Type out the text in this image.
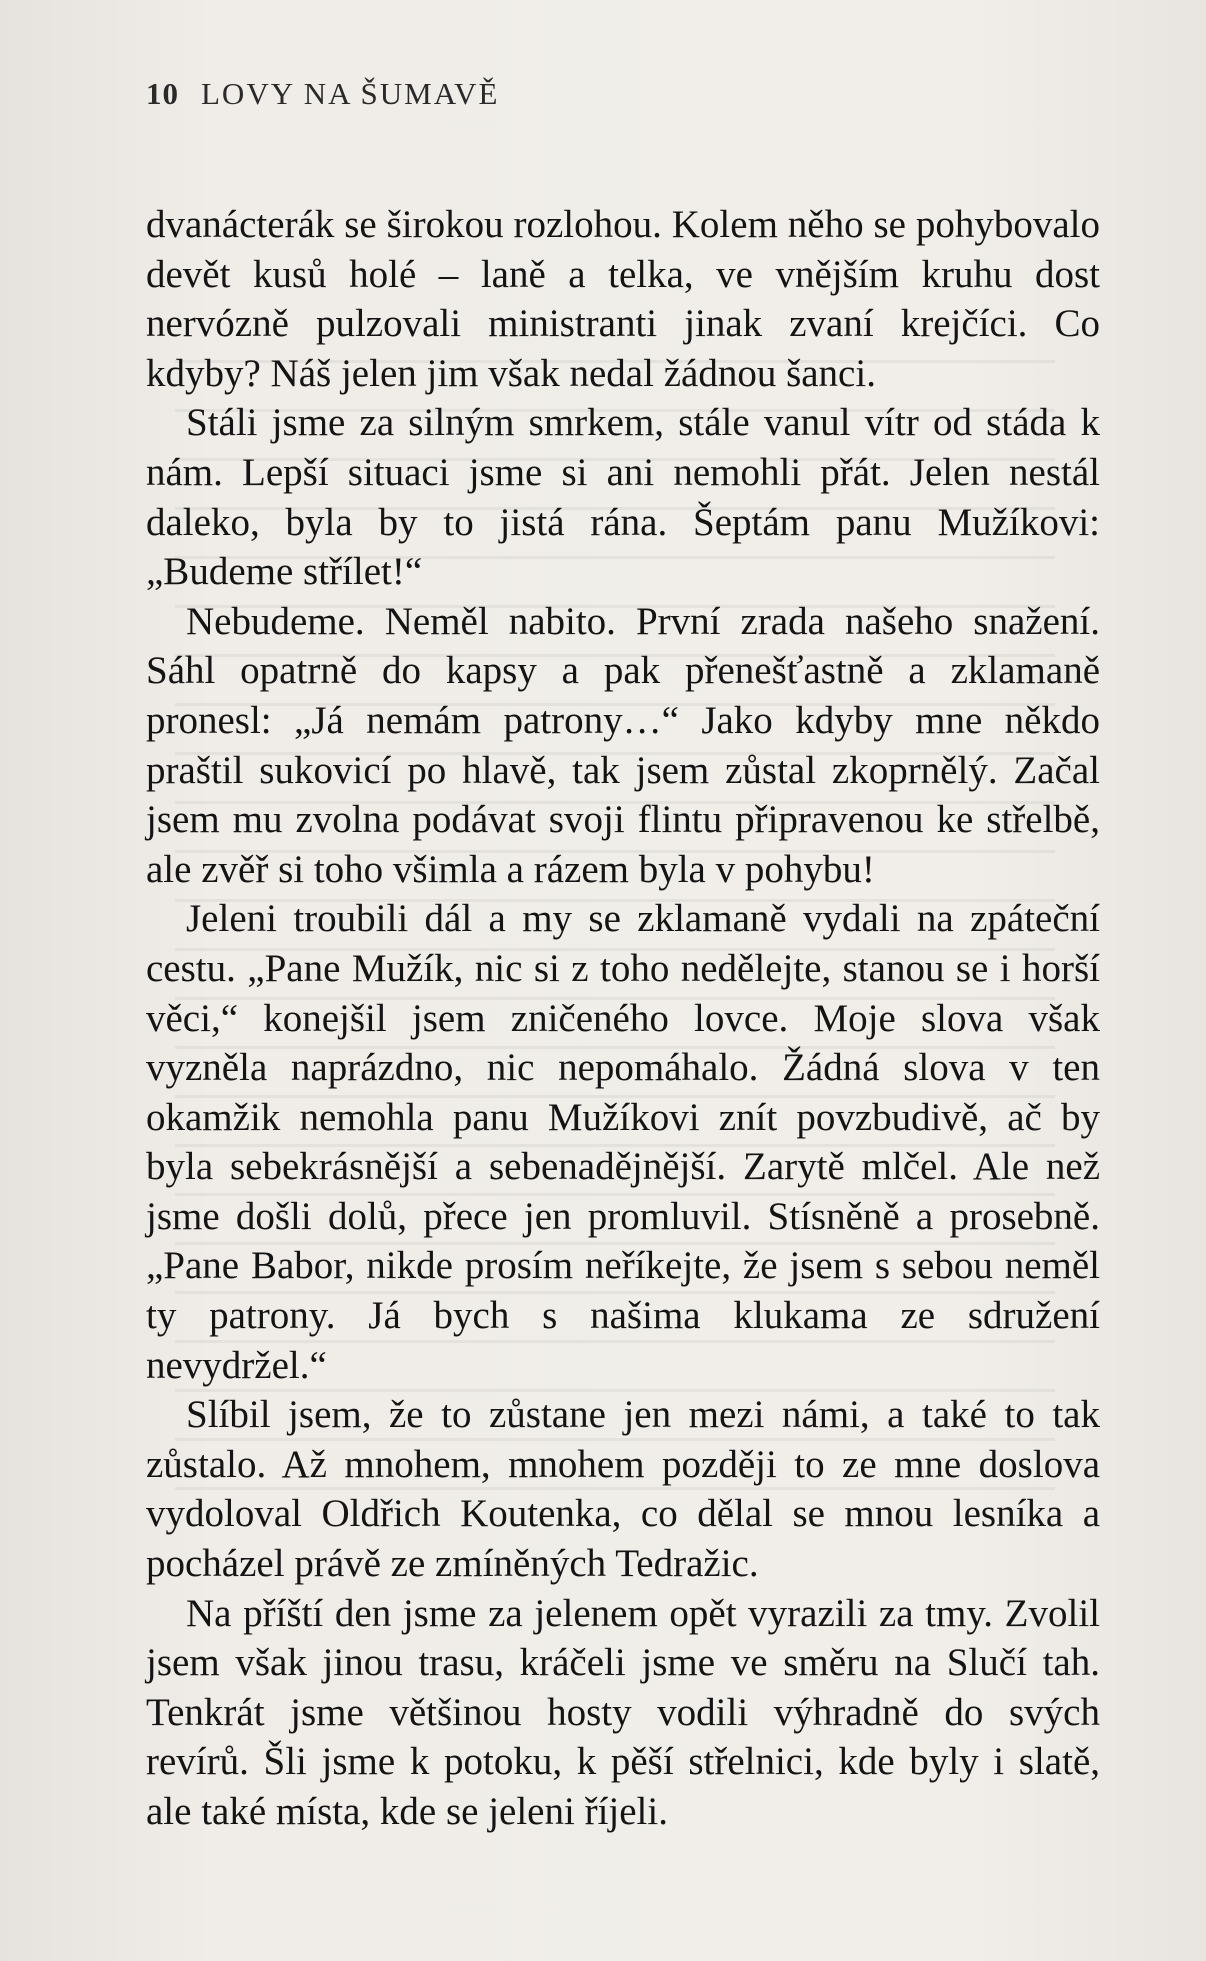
10 LOVY NA ŠUMAVĚ

dvanácterák se širokou rozlohou. Kolem něho se pohybovalo devět kusů holé – laně a telka, ve vnějším kruhu dost nervózně pulzovali ministranti jinak zvaní krejčíci. Co kdyby? Náš jelen jim však nedal žádnou šanci.

Stáli jsme za silným smrkem, stále vanul vítr od stáda k nám. Lepší situaci jsme si ani nemohli přát. Jelen nestál daleko, byla by to jistá rána. Šeptám panu Mužíkovi: „Budeme střílet!“

Nebudeme. Neměl nabito. První zrada našeho snažení. Sáhl opatrně do kapsy a pak přenešťastně a zklamaně pronesl: „Já nemám patrony…“ Jako kdyby mne někdo praštil sukovicí po hlavě, tak jsem zůstal zkoprnělý. Začal jsem mu zvolna podávat svoji flintu připravenou ke střelbě, ale zvěř si toho všimla a rázem byla v pohybu!

Jeleni troubili dál a my se zklamaně vydali na zpáteční cestu. „Pane Mužík, nic si z toho nedělejte, stanou se i horší věci,“ konejšil jsem zničeného lovce. Moje slova však vyzněla naprázdno, nic nepomáhalo. Žádná slova v ten okamžik nemohla panu Mužíkovi znít povzbudivě, ač by byla sebekrásnější a sebenadějnější. Zarytě mlčel. Ale než jsme došli dolů, přece jen promluvil. Stísněně a prosebně. „Pane Babor, nikde prosím neříkejte, že jsem s sebou neměl ty patrony. Já bych s našima klukama ze sdružení nevydržel.“

Slíbil jsem, že to zůstane jen mezi námi, a také to tak zůstalo. Až mnohem, mnohem později to ze mne doslova vydoloval Oldřich Koutenka, co dělal se mnou lesníka a pocházel právě ze zmíněných Tedražic.

Na příští den jsme za jelenem opět vyrazili za tmy. Zvolil jsem však jinou trasu, kráčeli jsme ve směru na Slučí tah. Tenkrát jsme většinou hosty vodili výhradně do svých revírů. Šli jsme k potoku, k pěší střelnici, kde byly i slatě, ale také místa, kde se jeleni říjeli.
